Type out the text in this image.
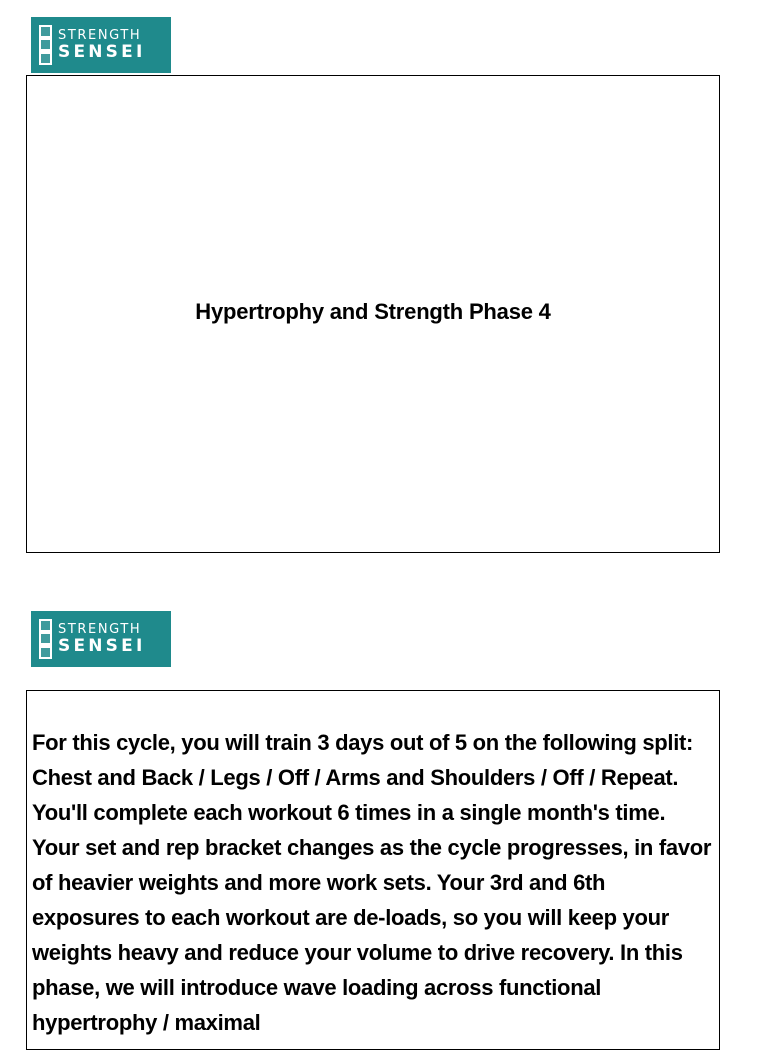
STRENGTH
SENSEI
Hypertrophy and Strength Phase 4
STRENGTH
SENSEI

For this cycle, you will train 3 days out of 5 on the following split: Chest and Back / Legs / Off / Arms and Shoulders / Off / Repeat. You'll complete each workout 6 times in a single month's time. Your set and rep bracket changes as the cycle progresses, in favor of heavier weights and more work sets. Your 3rd and 6th exposures to each workout are de-loads, so you will keep your weights heavy and reduce your volume to drive recovery. In this phase, we will introduce wave loading across functional hypertrophy / maximal
